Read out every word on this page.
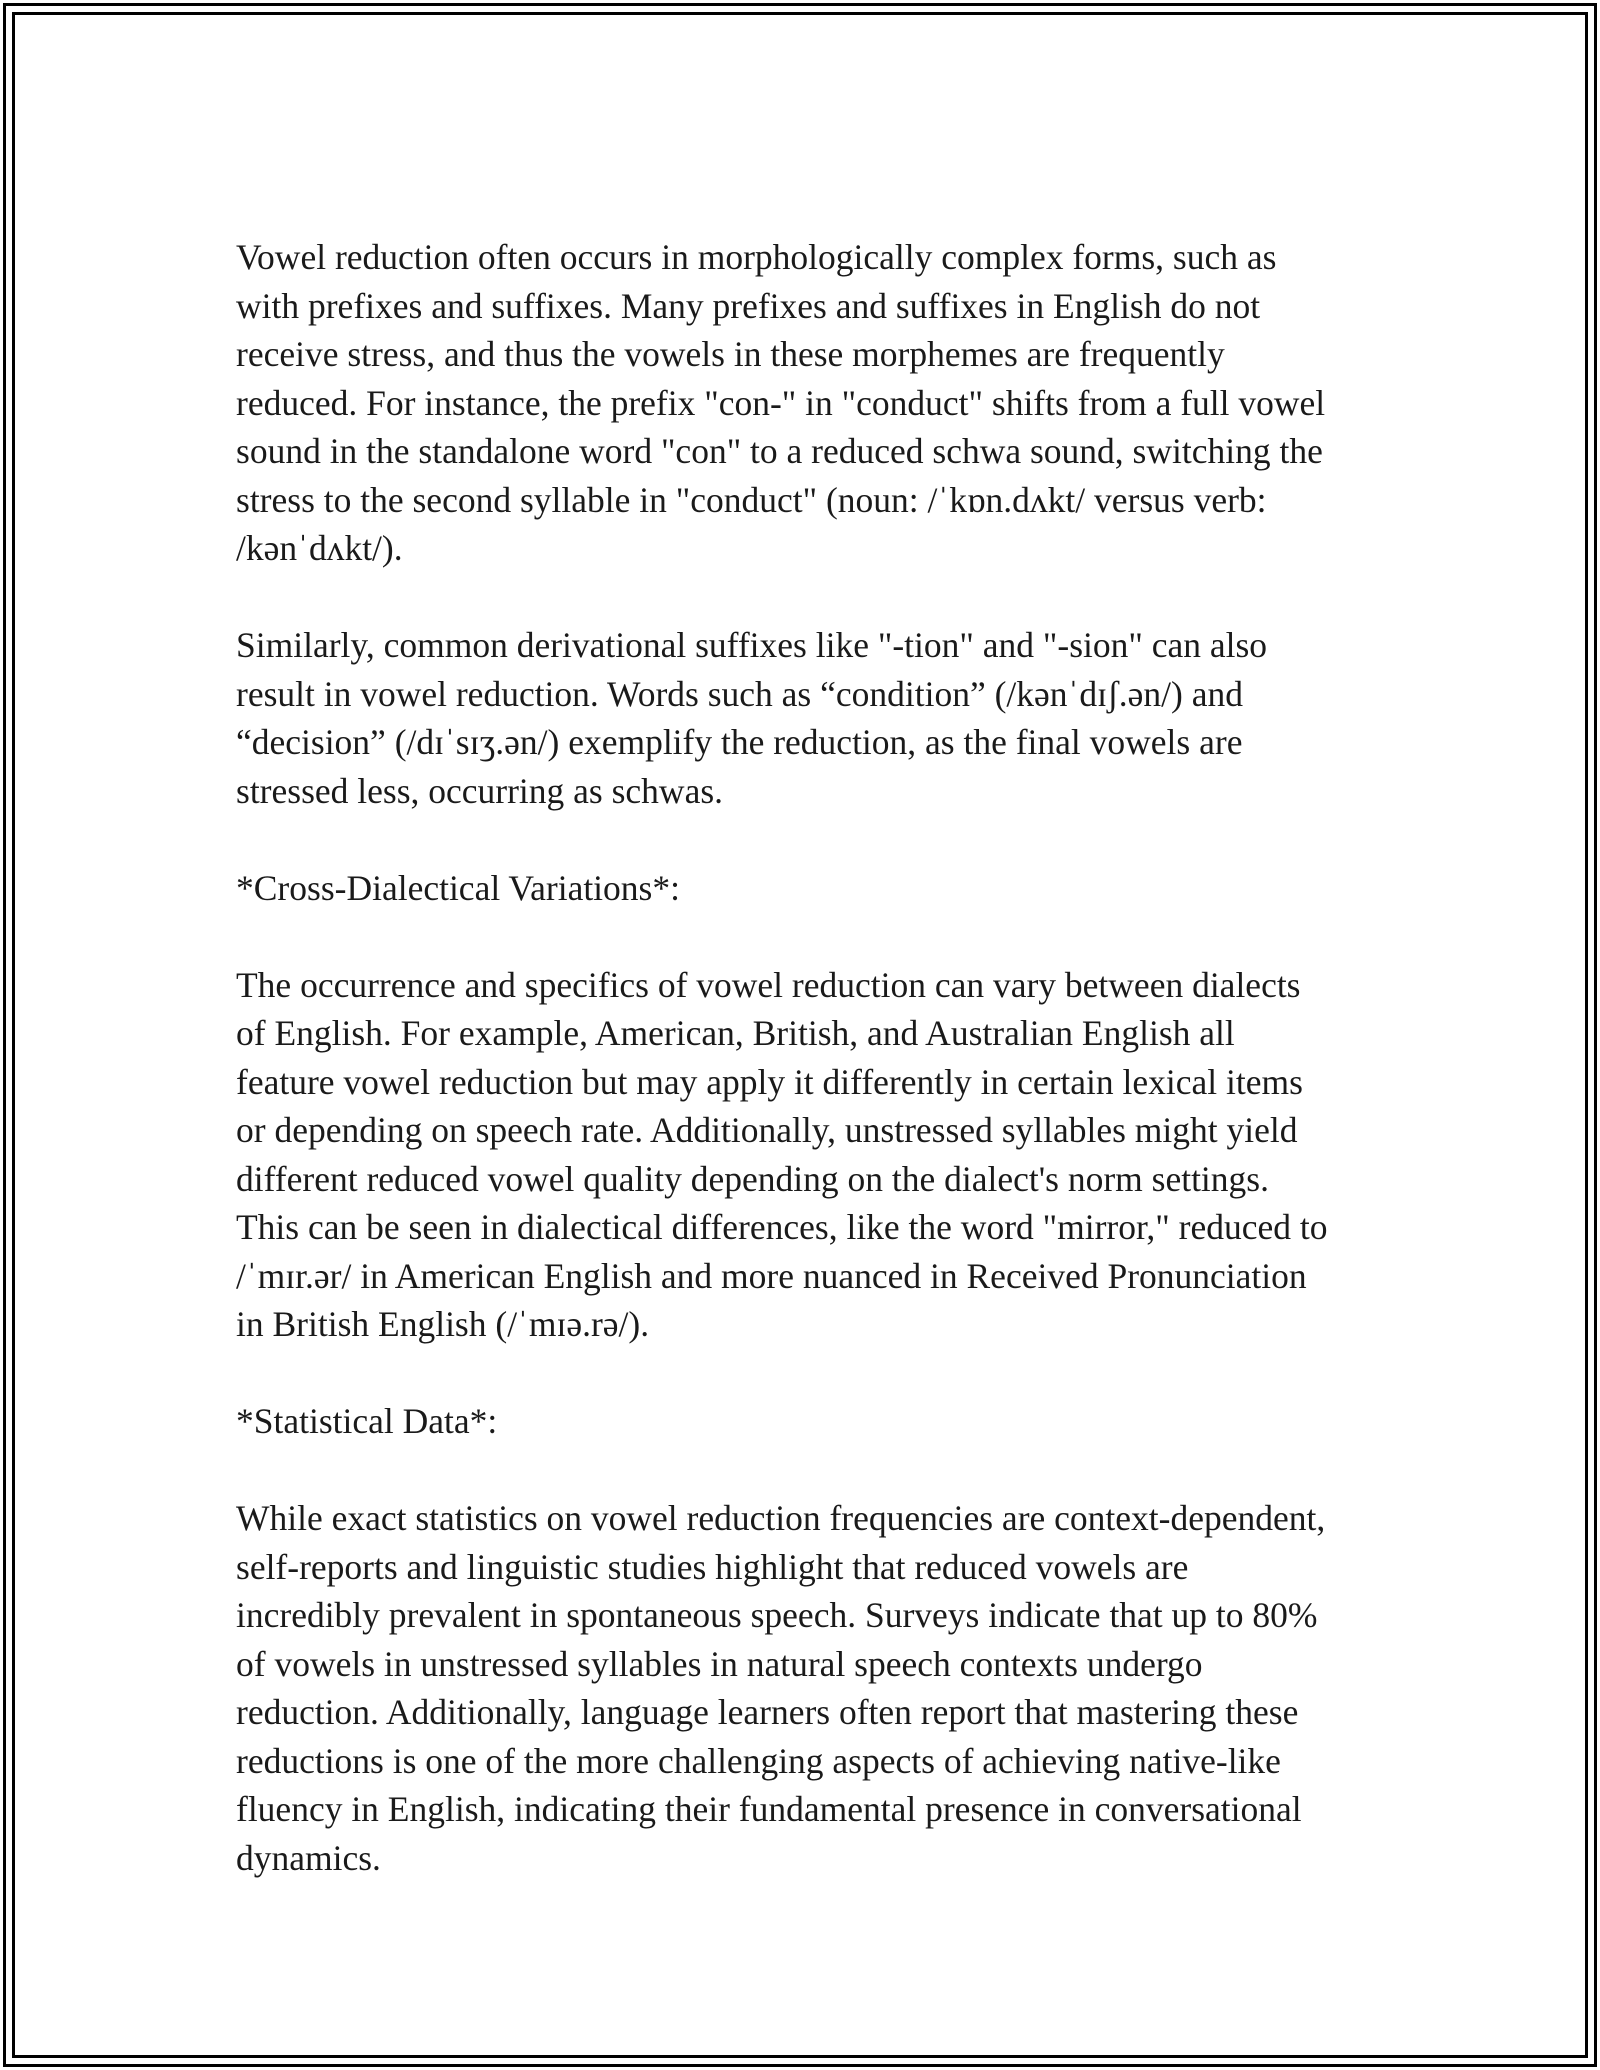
Vowel reduction often occurs in morphologically complex forms, such as
with prefixes and suffixes. Many prefixes and suffixes in English do not
receive stress, and thus the vowels in these morphemes are frequently
reduced. For instance, the prefix "con-" in "conduct" shifts from a full vowel
sound in the standalone word "con" to a reduced schwa sound, switching the
stress to the second syllable in "conduct" (noun: /ˈkɒn.dʌkt/ versus verb:
/kənˈdʌkt/).

Similarly, common derivational suffixes like "-tion" and "-sion" can also
result in vowel reduction. Words such as “condition” (/kənˈdɪʃ.ən/) and
“decision” (/dɪˈsɪʒ.ən/) exemplify the reduction, as the final vowels are
stressed less, occurring as schwas.

*Cross-Dialectical Variations*:

The occurrence and specifics of vowel reduction can vary between dialects
of English. For example, American, British, and Australian English all
feature vowel reduction but may apply it differently in certain lexical items
or depending on speech rate. Additionally, unstressed syllables might yield
different reduced vowel quality depending on the dialect's norm settings.
This can be seen in dialectical differences, like the word "mirror," reduced to
/ˈmɪr.ər/ in American English and more nuanced in Received Pronunciation
in British English (/ˈmɪə.rə/).

*Statistical Data*:

While exact statistics on vowel reduction frequencies are context-dependent,
self-reports and linguistic studies highlight that reduced vowels are
incredibly prevalent in spontaneous speech. Surveys indicate that up to 80%
of vowels in unstressed syllables in natural speech contexts undergo
reduction. Additionally, language learners often report that mastering these
reductions is one of the more challenging aspects of achieving native-like
fluency in English, indicating their fundamental presence in conversational
dynamics.
